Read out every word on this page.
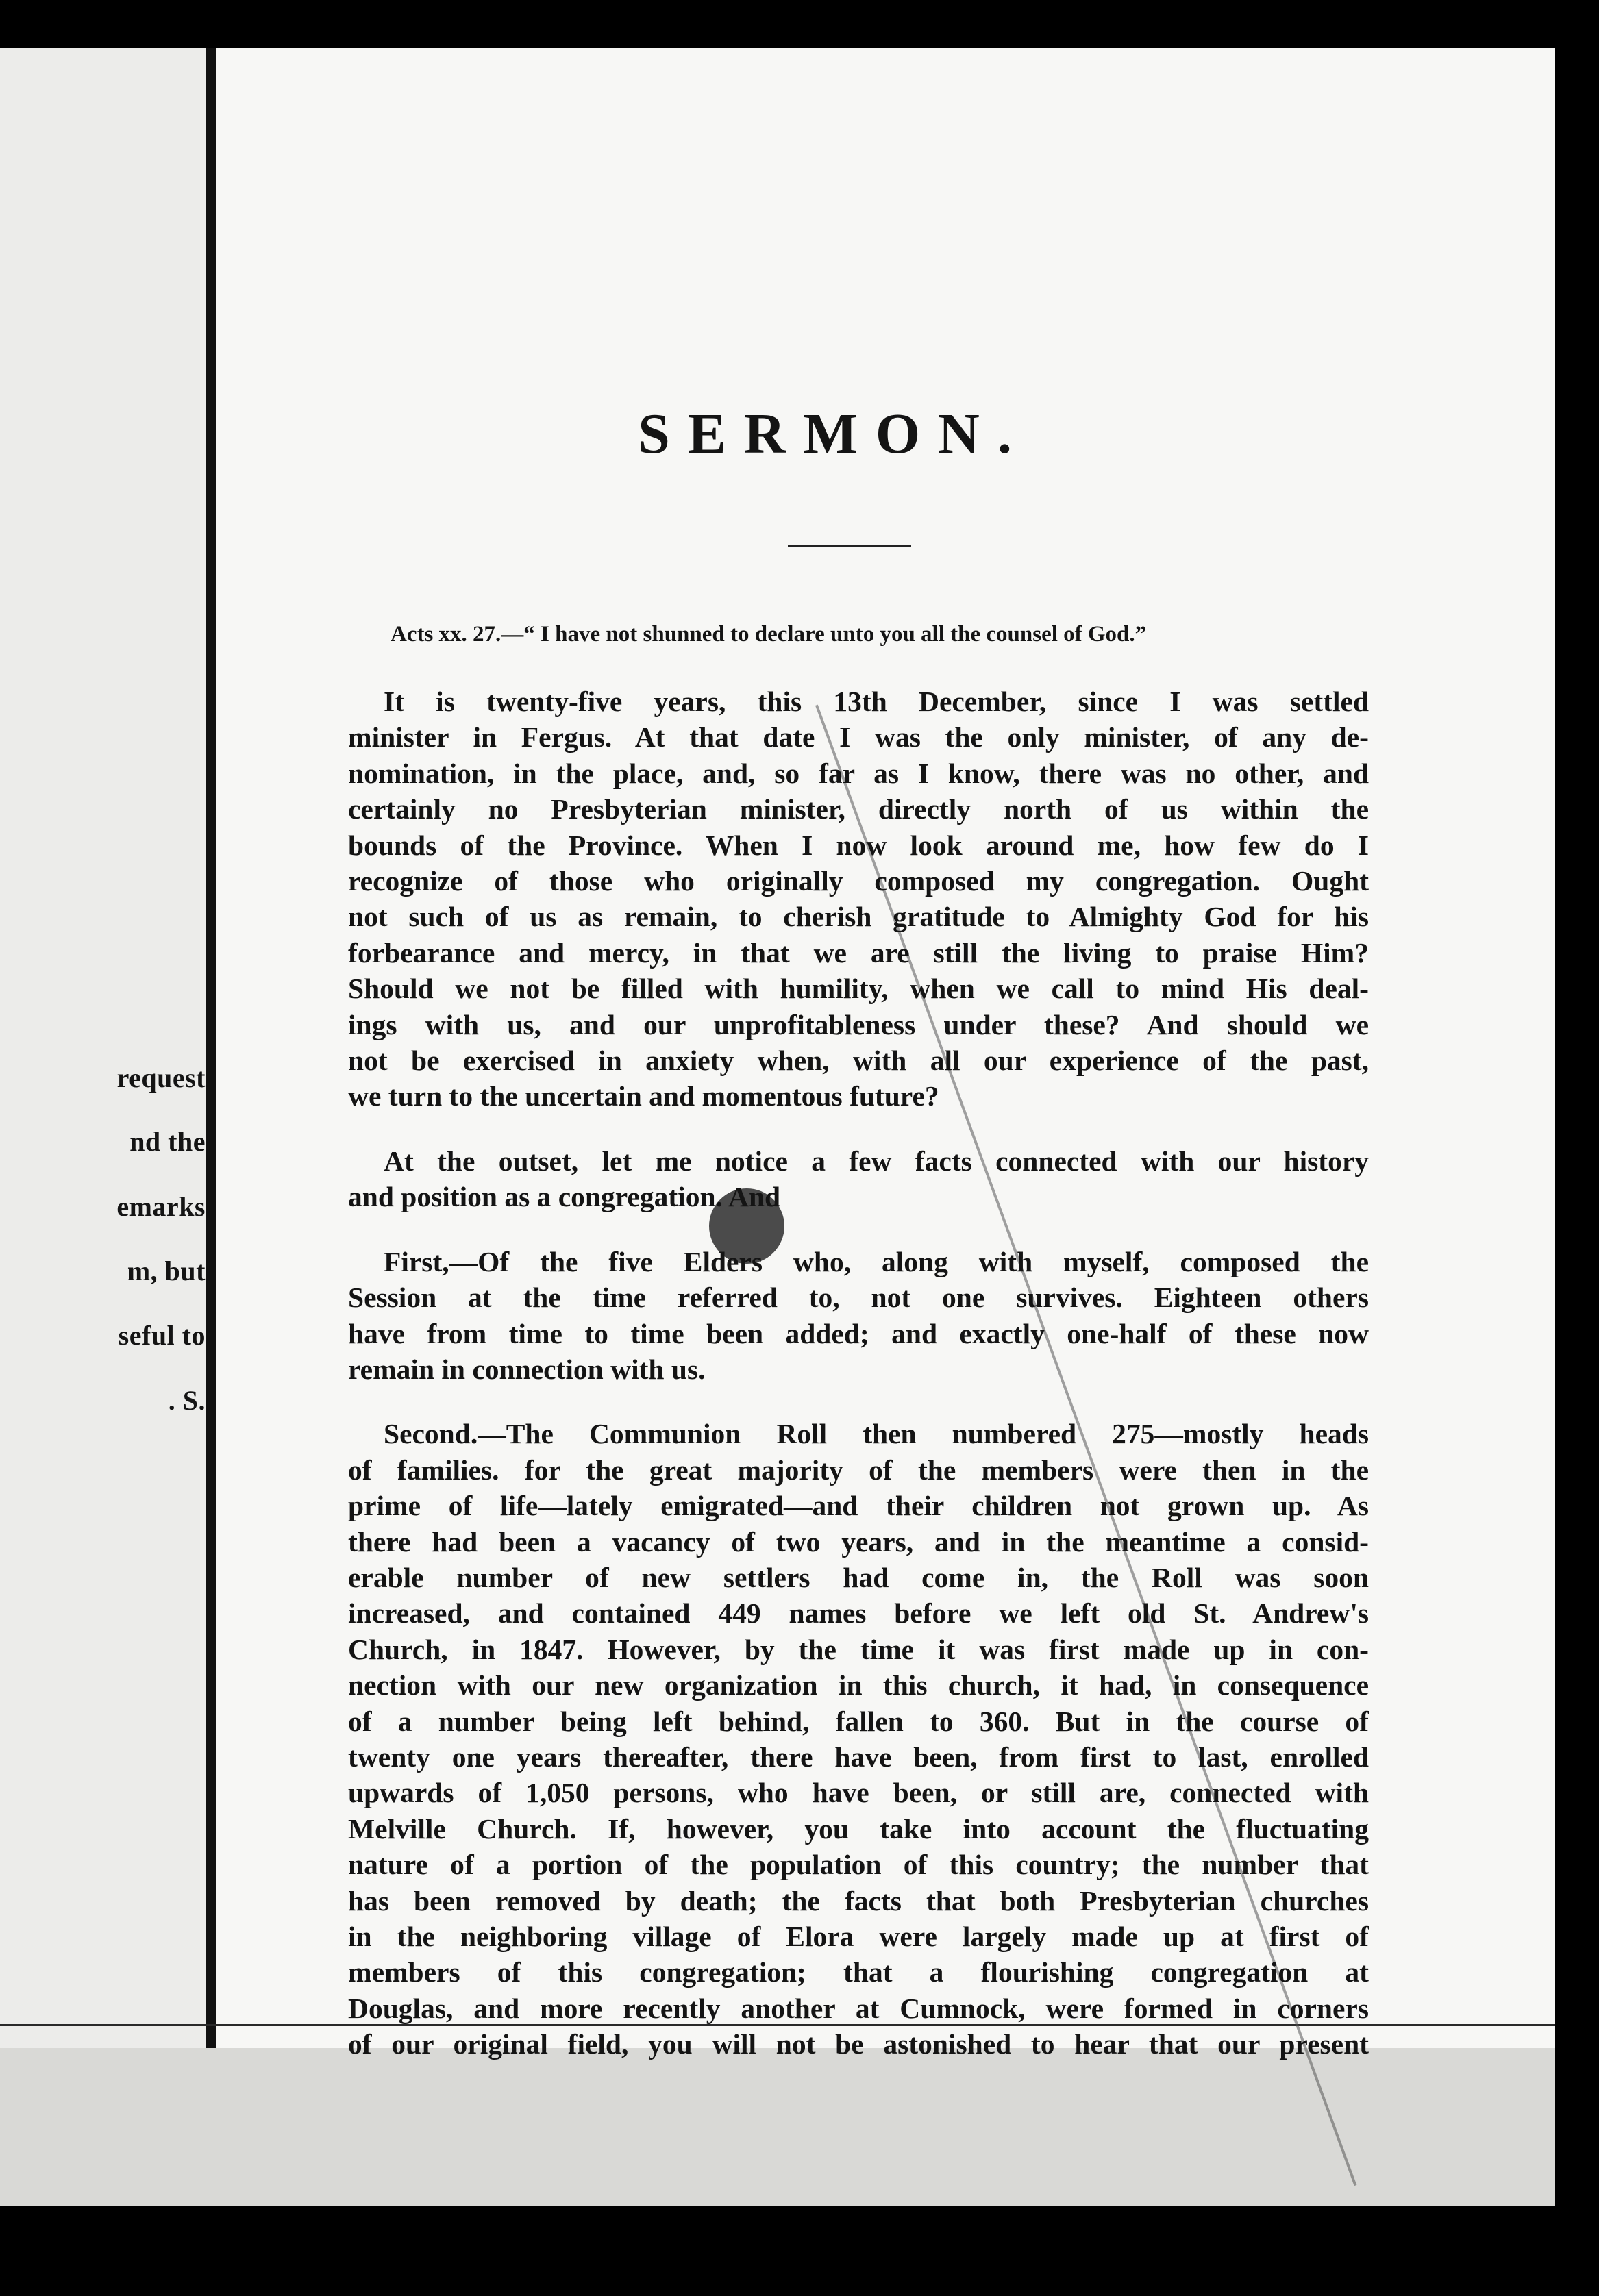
request
nd the
emarks
m, but
seful to
. S.
SERMON.
Acts xx. 27.—“ I have not shunned to declare unto you all the counsel of God.”

It is twenty-five years, this 13th December, since I was settled
minister in Fergus. At that date I was the only minister, of any de-
nomination, in the place, and, so far as I know, there was no other, and
certainly no Presbyterian minister, directly north of us within the
bounds of the Province. When I now look around me, how few do I
recognize of those who originally composed my congregation. Ought
not such of us as remain, to cherish gratitude to Almighty God for his
forbearance and mercy, in that we are still the living to praise Him?
Should we not be filled with humility, when we call to mind His deal-
ings with us, and our unprofitableness under these? And should we
not be exercised in anxiety when, with all our experience of the past,
we turn to the uncertain and momentous future?

At the outset, let me notice a few facts connected with our history
and position as a congregation. And

First,—Of the five Elders who, along with myself, composed the
Session at the time referred to, not one survives. Eighteen others
have from time to time been added; and exactly one-half of these now
remain in connection with us.

Second.—The Communion Roll then numbered 275—mostly heads
of families. for the great majority of the members were then in the
prime of life—lately emigrated—and their children not grown up. As
there had been a vacancy of two years, and in the meantime a consid-
erable number of new settlers had come in, the Roll was soon
increased, and contained 449 names before we left old St. Andrew's
Church, in 1847. However, by the time it was first made up in con-
nection with our new organization in this church, it had, in consequence
of a number being left behind, fallen to 360. But in the course of
twenty one years thereafter, there have been, from first to last, enrolled
upwards of 1,050 persons, who have been, or still are, connected with
Melville Church. If, however, you take into account the fluctuating
nature of a portion of the population of this country; the number that
has been removed by death; the facts that both Presbyterian churches
in the neighboring village of Elora were largely made up at first of
members of this congregation; that a flourishing congregation at
Douglas, and more recently another at Cumnock, were formed in corners
of our original field, you will not be astonished to hear that our present
